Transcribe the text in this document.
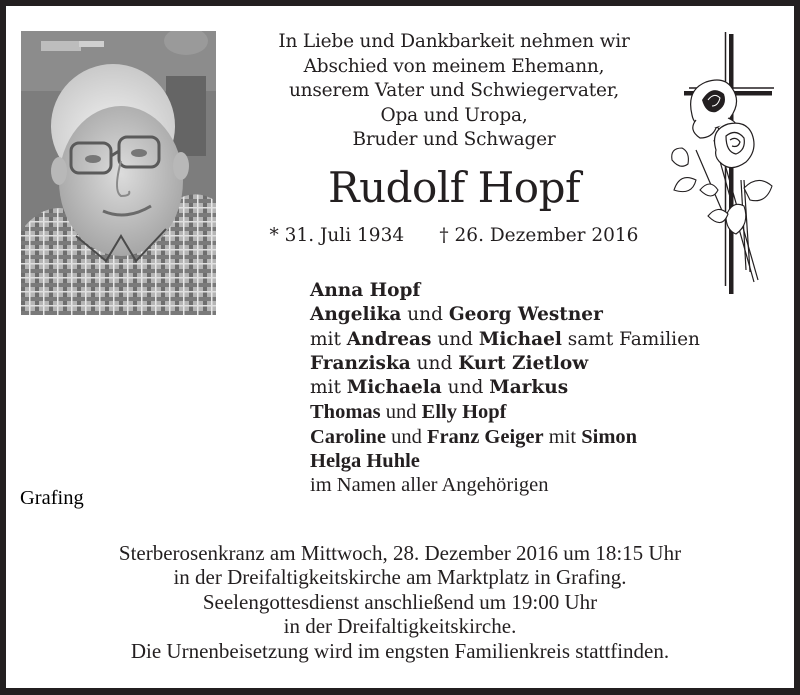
In Liebe und Dankbarkeit nehmen wir
Abschied von meinem Ehemann,
unserem Vater und Schwiegervater,
Opa und Uropa,
Bruder und Schwager
Rudolf Hopf
* 31. Juli 1934 † 26. Dezember 2016
Anna Hopf
Angelika und Georg Westner
mit Andreas und Michael samt Familien
Franziska und Kurt Zietlow
mit Michaela und Markus
Thomas und Elly Hopf
Caroline und Franz Geiger mit Simon
Helga Huhle
im Namen aller Angehörigen
Grafing
Sterberosenkranz am Mittwoch, 28. Dezember 2016 um 18:15 Uhr
in der Dreifaltigkeitskirche am Marktplatz in Grafing.
Seelengottesdienst anschließend um 19:00 Uhr
in der Dreifaltigkeitskirche.
Die Urnenbeisetzung wird im engsten Familienkreis stattfinden.
